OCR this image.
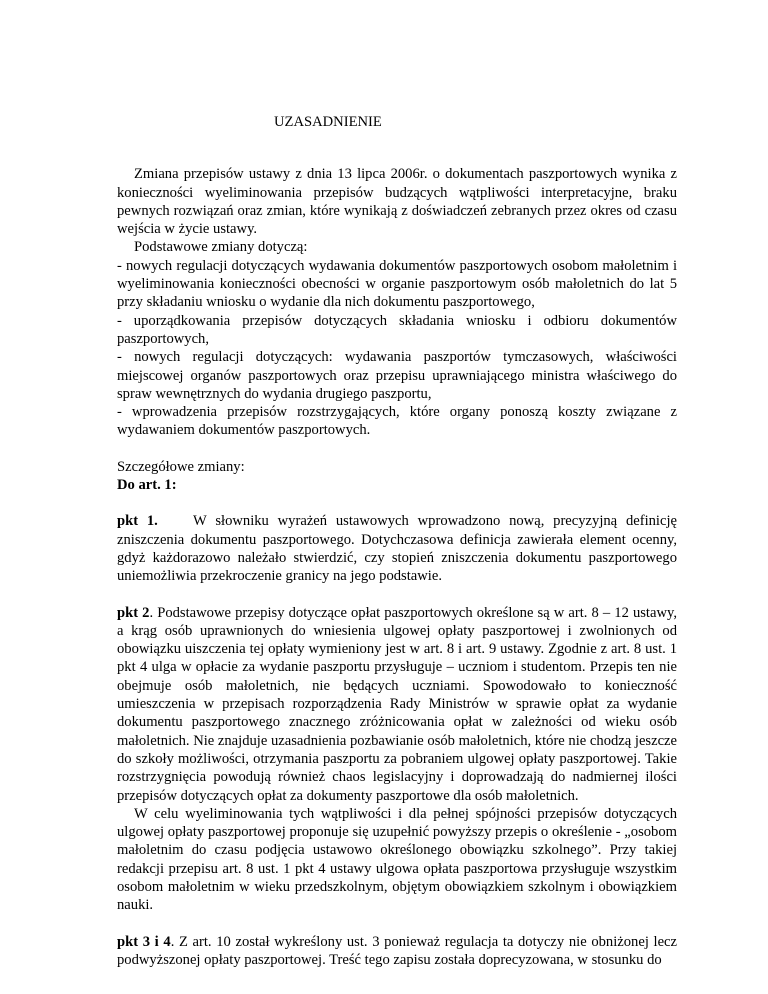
UZASADNIENIE

Zmiana przepisów ustawy z dnia 13 lipca 2006r. o dokumentach paszportowych wynika z konieczności wyeliminowania przepisów budzących wątpliwości interpretacyjne, braku pewnych rozwiązań oraz zmian, które wynikają z doświadczeń zebranych przez okres od czasu wejścia w życie ustawy.

Podstawowe zmiany dotyczą:

- nowych regulacji dotyczących wydawania dokumentów paszportowych osobom małoletnim i wyeliminowania konieczności obecności w organie paszportowym osób małoletnich do lat 5 przy składaniu wniosku o wydanie dla nich dokumentu paszportowego,

- uporządkowania przepisów dotyczących składania wniosku i odbioru dokumentów paszportowych,

- nowych regulacji dotyczących: wydawania paszportów tymczasowych, właściwości miejscowej organów paszportowych oraz przepisu uprawniającego ministra właściwego do spraw wewnętrznych do wydania drugiego paszportu,

- wprowadzenia przepisów rozstrzygających, które organy ponoszą koszty związane z wydawaniem dokumentów paszportowych.

Szczegółowe zmiany:

Do art. 1:

pkt 1. W słowniku wyrażeń ustawowych wprowadzono nową, precyzyjną definicję zniszczenia dokumentu paszportowego. Dotychczasowa definicja zawierała element ocenny, gdyż każdorazowo należało stwierdzić, czy stopień zniszczenia dokumentu paszportowego uniemożliwia przekroczenie granicy na jego podstawie.

pkt 2. Podstawowe przepisy dotyczące opłat paszportowych określone są w art. 8 – 12 ustawy, a krąg osób uprawnionych do wniesienia ulgowej opłaty paszportowej i zwolnionych od obowiązku uiszczenia tej opłaty wymieniony jest w art. 8 i art. 9 ustawy. Zgodnie z art. 8 ust. 1 pkt 4 ulga w opłacie za wydanie paszportu przysługuje – uczniom i studentom. Przepis ten nie obejmuje osób małoletnich, nie będących uczniami. Spowodowało to konieczność umieszczenia w przepisach rozporządzenia Rady Ministrów w sprawie opłat za wydanie dokumentu paszportowego znacznego zróżnicowania opłat w zależności od wieku osób małoletnich. Nie znajduje uzasadnienia pozbawianie osób małoletnich, które nie chodzą jeszcze do szkoły możliwości, otrzymania paszportu za pobraniem ulgowej opłaty paszportowej. Takie rozstrzygnięcia powodują również chaos legislacyjny i doprowadzają do nadmiernej ilości przepisów dotyczących opłat za dokumenty paszportowe dla osób małoletnich.

W celu wyeliminowania tych wątpliwości i dla pełnej spójności przepisów dotyczących ulgowej opłaty paszportowej proponuje się uzupełnić powyższy przepis o określenie - „osobom małoletnim do czasu podjęcia ustawowo określonego obowiązku szkolnego”. Przy takiej redakcji przepisu art. 8 ust. 1 pkt 4 ustawy ulgowa opłata paszportowa przysługuje wszystkim osobom małoletnim w wieku przedszkolnym, objętym obowiązkiem szkolnym i obowiązkiem nauki.

pkt 3 i 4. Z art. 10 został wykreślony ust. 3 ponieważ regulacja ta dotyczy nie obniżonej lecz podwyższonej opłaty paszportowej. Treść tego zapisu została doprecyzowana, w stosunku do
